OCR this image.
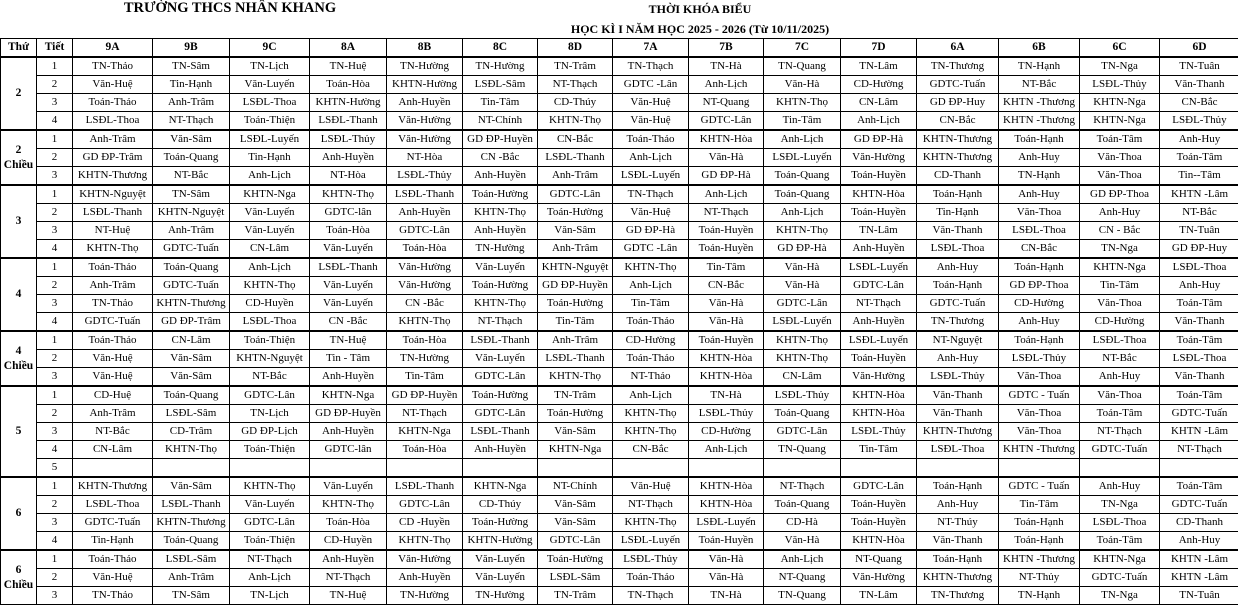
TRƯỜNG THCS NHÂN KHANG	THỜI KHÓA BIỂU
HỌC KÌ I NĂM HỌC 2025 - 2026 (Từ 10/11/2025)
Thứ	Tiết	9A	9B	9C	8A	8B	8C	8D	7A	7B	7C	7D	6A	6B	6C	6D

2	1	TN-Thảo	TN-Sâm	TN-Lịch	TN-Huệ	TN-Hường	TN-Hường	TN-Trâm	TN-Thạch	TN-Hà	TN-Quang	TN-Lâm	TN-Thương	TN-Hạnh	TN-Nga	TN-Tuân
	2	Văn-Huệ	Tin-Hạnh	Văn-Luyến	Toán-Hòa	KHTN-Hường	LSĐL-Sâm	NT-Thạch	GDTC -Lân	Anh-Lịch	Văn-Hà	CD-Hường	GDTC-Tuấn	NT-Bắc	LSĐL-Thủy	Văn-Thanh
	3	Toán-Thảo	Anh-Trâm	LSĐL-Thoa	KHTN-Hường	Anh-Huyền	Tin-Tâm	CD-Thúy	Văn-Huệ	NT-Quang	KHTN-Thọ	CN-Lâm	GD ĐP-Huy	KHTN -Thương	KHTN-Nga	CN-Bắc
	4	LSĐL-Thoa	NT-Thạch	Toán-Thiện	LSĐL-Thanh	Văn-Hường	NT-Chính	KHTN-Thọ	Văn-Huệ	GDTC-Lân	Tin-Tâm	Anh-Lịch	CN-Bắc	KHTN -Thương	KHTN-Nga	LSĐL-Thủy

2
Chiều	1	Anh-Trâm	Văn-Sâm	LSĐL-Luyến	LSĐL-Thủy	Văn-Hường	GD ĐP-Huyền	CN-Bắc	Toán-Thảo	KHTN-Hòa	Anh-Lịch	GD ĐP-Hà	KHTN-Thương	Toán-Hạnh	Toán-Tâm	Anh-Huy
	2	GD ĐP-Trâm	Toán-Quang	Tin-Hạnh	Anh-Huyền	NT-Hòa	CN -Bắc	LSĐL-Thanh	Anh-Lịch	Văn-Hà	LSĐL-Luyến	Văn-Hường	KHTN-Thương	Anh-Huy	Văn-Thoa	Toán-Tâm
	3	KHTN-Thương	NT-Bắc	Anh-Lịch	NT-Hòa	LSĐL-Thủy	Anh-Huyền	Anh-Trâm	LSĐL-Luyến	GD ĐP-Hà	Toán-Quang	Toán-Huyền	CD-Thanh	TN-Hạnh	Văn-Thoa	Tin--Tâm

3	1	KHTN-Nguyệt	TN-Sâm	KHTN-Nga	KHTN-Thọ	LSĐL-Thanh	Toán-Hường	GDTC-Lân	TN-Thạch	Anh-Lịch	Toán-Quang	KHTN-Hòa	Toán-Hạnh	Anh-Huy	GD ĐP-Thoa	KHTN -Lâm
	2	LSĐL-Thanh	KHTN-Nguyệt	Văn-Luyến	GDTC-lân	Anh-Huyền	KHTN-Thọ	Toán-Hường	Văn-Huệ	NT-Thạch	Anh-Lịch	Toán-Huyền	Tin-Hạnh	Văn-Thoa	Anh-Huy	NT-Bắc
	3	NT-Huệ	Anh-Trâm	Văn-Luyến	Toán-Hòa	GDTC-Lân	Anh-Huyền	Văn-Sâm	GD ĐP-Hà	Toán-Huyền	KHTN-Thọ	TN-Lâm	Văn-Thanh	LSĐL-Thoa	CN - Bắc	TN-Tuân
	4	KHTN-Thọ	GDTC-Tuấn	CN-Lâm	Văn-Luyến	Toán-Hòa	TN-Hường	Anh-Trâm	GDTC -Lân	Toán-Huyền	GD ĐP-Hà	Anh-Huyền	LSĐL-Thoa	CN-Bắc	TN-Nga	GD ĐP-Huy

4	1	Toán-Thảo	Toán-Quang	Anh-Lịch	LSĐL-Thanh	Văn-Hường	Văn-Luyến	KHTN-Nguyệt	KHTN-Thọ	Tin-Tâm	Văn-Hà	LSĐL-Luyến	Anh-Huy	Toán-Hạnh	KHTN-Nga	LSĐL-Thoa
	2	Anh-Trâm	GDTC-Tuấn	KHTN-Thọ	Văn-Luyến	Văn-Hường	Toán-Hường	GD ĐP-Huyền	Anh-Lịch	CN-Bắc	Văn-Hà	GDTC-Lân	Toán-Hạnh	GD ĐP-Thoa	Tin-Tâm	Anh-Huy
	3	TN-Thảo	KHTN-Thương	CD-Huyền	Văn-Luyến	CN -Bắc	KHTN-Thọ	Toán-Hường	Tin-Tâm	Văn-Hà	GDTC-Lân	NT-Thạch	GDTC-Tuấn	CD-Hường	Văn-Thoa	Toán-Tâm
	4	GDTC-Tuấn	GD ĐP-Trâm	LSĐL-Thoa	CN -Bắc	KHTN-Thọ	NT-Thạch	Tin-Tâm	Toán-Thảo	Văn-Hà	LSĐL-Luyến	Anh-Huyền	TN-Thương	Anh-Huy	CD-Hường	Văn-Thanh

4
Chiều	1	Toán-Thảo	CN-Lâm	Toán-Thiện	TN-Huệ	Toán-Hòa	LSĐL-Thanh	Anh-Trâm	CD-Hường	Toán-Huyền	KHTN-Thọ	LSĐL-Luyến	NT-Nguyệt	Toán-Hạnh	LSĐL-Thoa	Toán-Tâm
	2	Văn-Huệ	Văn-Sâm	KHTN-Nguyệt	Tin - Tâm	TN-Hường	Văn-Luyến	LSĐL-Thanh	Toán-Thảo	KHTN-Hòa	KHTN-Thọ	Toán-Huyền	Anh-Huy	LSĐL-Thủy	NT-Bắc	LSĐL-Thoa
	3	Văn-Huệ	Văn-Sâm	NT-Bắc	Anh-Huyền	Tin-Tâm	GDTC-Lân	KHTN-Thọ	NT-Thảo	KHTN-Hòa	CN-Lâm	Văn-Hường	LSĐL-Thủy	Văn-Thoa	Anh-Huy	Văn-Thanh

5	1	CD-Huệ	Toán-Quang	GDTC-Lân	KHTN-Nga	GD ĐP-Huyền	Toán-Hường	TN-Trâm	Anh-Lịch	TN-Hà	LSĐL-Thủy	KHTN-Hòa	Văn-Thanh	GDTC - Tuấn	Văn-Thoa	Toán-Tâm
	2	Anh-Trâm	LSĐL-Sâm	TN-Lịch	GD ĐP-Huyền	NT-Thạch	GDTC-Lân	Toán-Hường	KHTN-Thọ	LSĐL-Thủy	Toán-Quang	KHTN-Hòa	Văn-Thanh	Văn-Thoa	Toán-Tâm	GDTC-Tuấn
	3	NT-Bắc	CD-Trâm	GD ĐP-Lịch	Anh-Huyền	KHTN-Nga	LSĐL-Thanh	Văn-Sâm	KHTN-Thọ	CD-Hường	GDTC-Lân	LSĐL-Thủy	KHTN-Thương	Văn-Thoa	NT-Thạch	KHTN -Lâm
	4	CN-Lâm	KHTN-Thọ	Toán-Thiện	GDTC-lân	Toán-Hòa	Anh-Huyền	KHTN-Nga	CN-Bắc	Anh-Lịch	TN-Quang	Tin-Tâm	LSĐL-Thoa	KHTN -Thương	GDTC-Tuấn	NT-Thạch
	5															

6	1	KHTN-Thương	Văn-Sâm	KHTN-Thọ	Văn-Luyến	LSĐL-Thanh	KHTN-Nga	NT-Chính	Văn-Huệ	KHTN-Hòa	NT-Thạch	GDTC-Lân	Toán-Hạnh	GDTC - Tuấn	Anh-Huy	Toán-Tâm
	2	LSĐL-Thoa	LSĐL-Thanh	Văn-Luyến	KHTN-Thọ	GDTC-Lân	CD-Thúy	Văn-Sâm	NT-Thạch	KHTN-Hòa	Toán-Quang	Toán-Huyền	Anh-Huy	Tin-Tâm	TN-Nga	GDTC-Tuấn
	3	GDTC-Tuấn	KHTN-Thương	GDTC-Lân	Toán-Hòa	CD -Huyền	Toán-Hường	Văn-Sâm	KHTN-Thọ	LSĐL-Luyến	CD-Hà	Toán-Huyền	NT-Thúy	Toán-Hạnh	LSĐL-Thoa	CD-Thanh
	4	Tin-Hạnh	Toán-Quang	Toán-Thiện	CD-Huyền	KHTN-Thọ	KHTN-Hường	GDTC-Lân	LSĐL-Luyến	Toán-Huyền	Văn-Hà	KHTN-Hòa	Văn-Thanh	Toán-Hạnh	Toán-Tâm	Anh-Huy

6
Chiều	1	Toán-Thảo	LSĐL-Sâm	NT-Thạch	Anh-Huyền	Văn-Hường	Văn-Luyến	Toán-Hường	LSĐL-Thủy	Văn-Hà	Anh-Lịch	NT-Quang	Toán-Hạnh	KHTN -Thương	KHTN-Nga	KHTN -Lâm
	2	Văn-Huệ	Anh-Trâm	Anh-Lịch	NT-Thạch	Anh-Huyền	Văn-Luyến	LSĐL-Sâm	Toán-Thảo	Văn-Hà	NT-Quang	Văn-Hường	KHTN-Thương	NT-Thủy	GDTC-Tuấn	KHTN -Lâm
	3	TN-Thảo	TN-Sâm	TN-Lịch	TN-Huệ	TN-Hường	TN-Hường	TN-Trâm	TN-Thạch	TN-Hà	TN-Quang	TN-Lâm	TN-Thương	TN-Hạnh	TN-Nga	TN-Tuân
